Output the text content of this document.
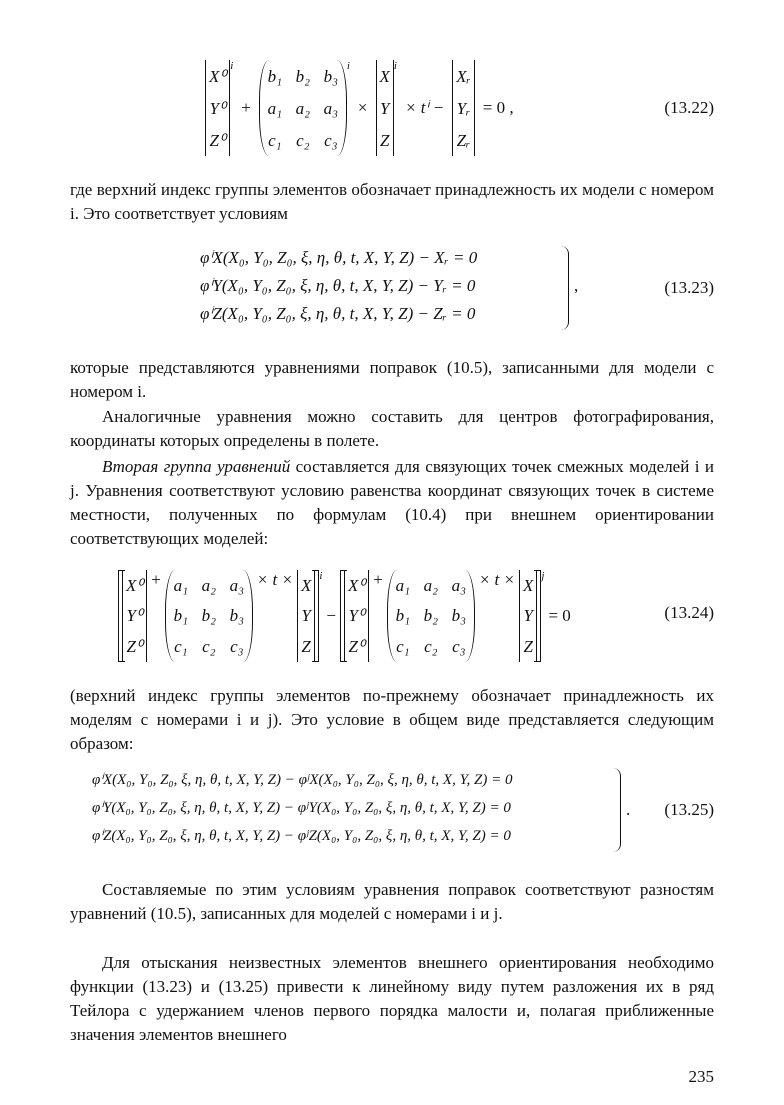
X⁰
Y⁰
Z⁰
$^i$ +
b₁ b₂ b₃
a₁ a₂ a₃
c₁ c₂ c₃
$^i$ ×
X
Y
Z
$^i$ × tⁱ −
Xᵣ
Yᵣ
Zᵣ
= 0 ,	(13.22)

где верхний индекс группы элементов обозначает принадлежность их модели с номером i. Это соответствует условиям

φⁱX(X₀, Y₀, Z₀, ξ, η, θ, t, X, Y, Z) − Xᵣ = 0
φⁱY(X₀, Y₀, Z₀, ξ, η, θ, t, X, Y, Z) − Yᵣ = 0
φⁱZ(X₀, Y₀, Z₀, ξ, η, θ, t, X, Y, Z) − Zᵣ = 0
,	(13.23)

которые представляются уравнениями поправок (10.5), записанными для модели с номером i.

Аналогичные уравнения можно составить для центров фотографирования, координаты которых определены в полете.

Вторая группа уравнений составляется для связующих точек смежных моделей i и j. Уравнения соответствуют условию равенства координат связующих точек в системе местности, полученных по формулам (10.4) при внешнем ориентировании соответствующих моделей:

X⁰
Y⁰
Z⁰
+ a₁ a₂ a₃
b₁ b₂ b₃
c₁ c₂ c₃
× t × X
Y
Z
i
−
X⁰
Y⁰
Z⁰
+ a₁ a₂ a₃
b₁ b₂ b₃
c₁ c₂ c₃
× t × X
Y
Z
j
= 0	(13.24)

(верхний индекс группы элементов по-прежнему обозначает принадлежность их моделям с номерами i и j). Это условие в общем виде представляется следующим образом:

φⁱX(X₀, Y₀, Z₀, ξ, η, θ, t, X, Y, Z) − φʲX(X₀, Y₀, Z₀, ξ, η, θ, t, X, Y, Z) = 0
φⁱY(X₀, Y₀, Z₀, ξ, η, θ, t, X, Y, Z) − φʲY(X₀, Y₀, Z₀, ξ, η, θ, t, X, Y, Z) = 0
φⁱZ(X₀, Y₀, Z₀, ξ, η, θ, t, X, Y, Z) − φʲZ(X₀, Y₀, Z₀, ξ, η, θ, t, X, Y, Z) = 0
. (13.25)

Составляемые по этим условиям уравнения поправок соответствуют разностям уравнений (10.5), записанных для моделей с номерами i и j.

Для отыскания неизвестных элементов внешнего ориентирования необходимо функции (13.23) и (13.25) привести к линейному виду путем разложения их в ряд Тейлора с удержанием членов первого порядка малости и, полагая приближенные значения элементов внешнего

235
